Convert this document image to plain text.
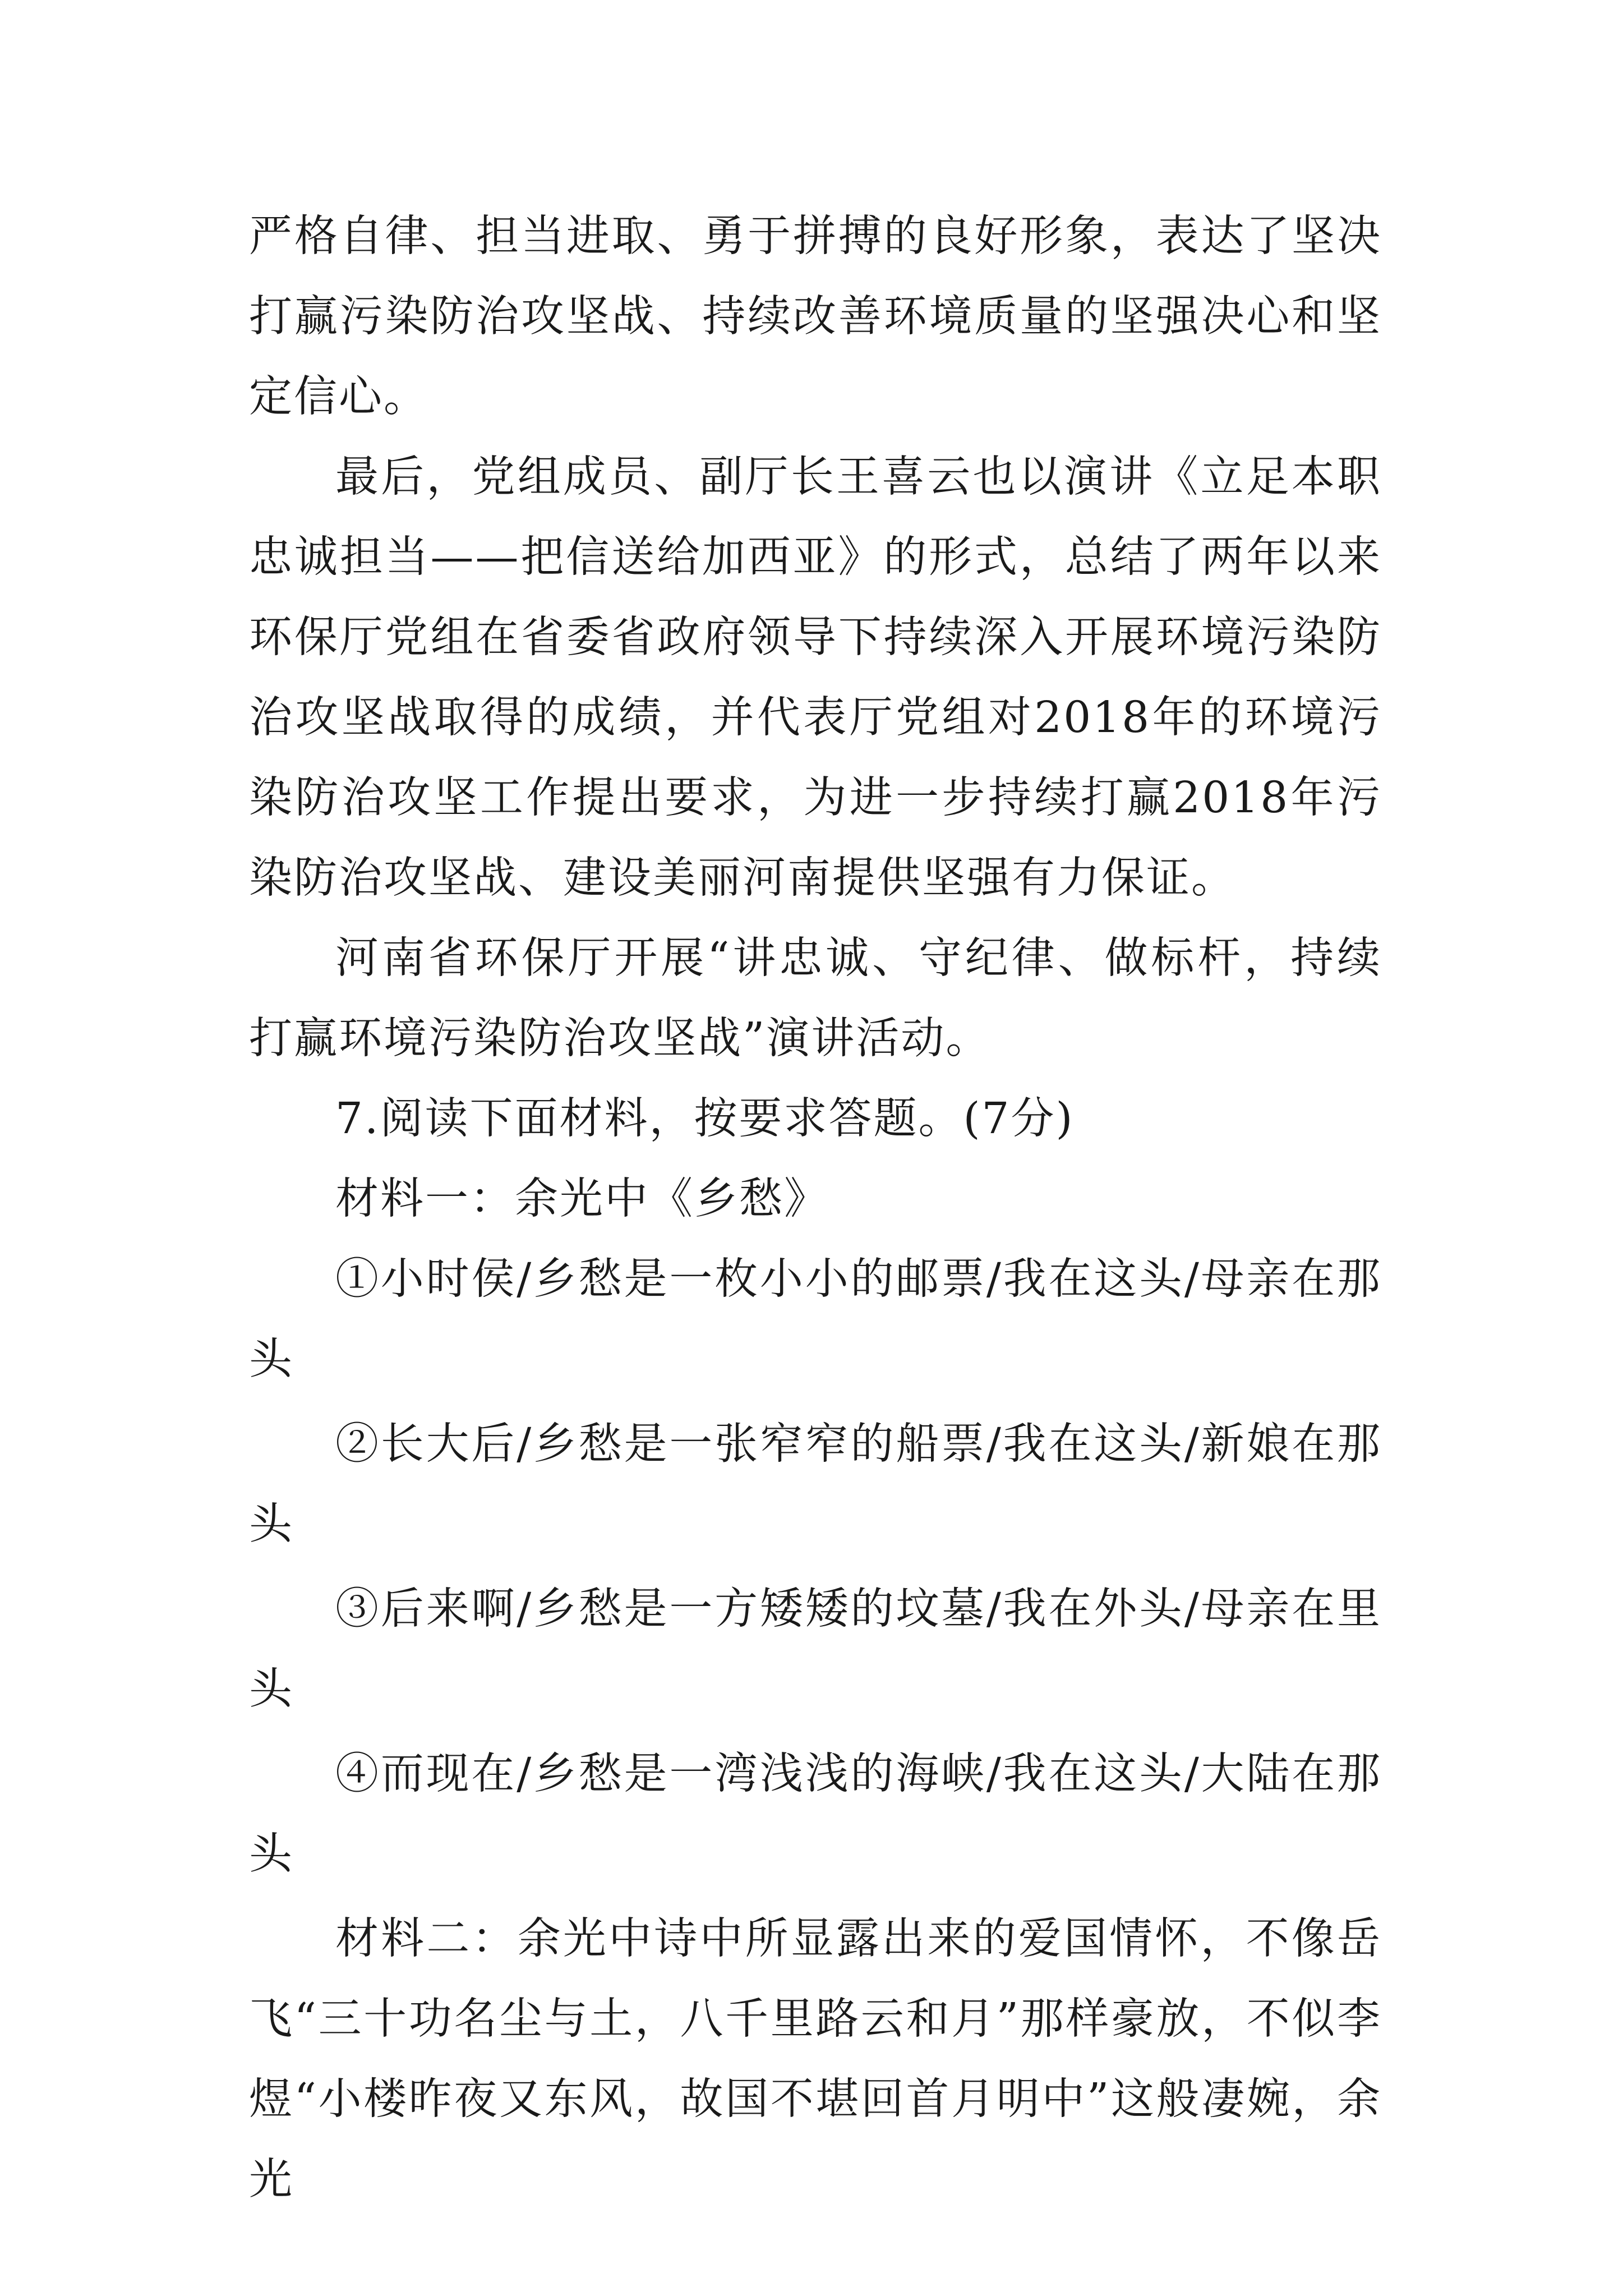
严格自律、担当进取、勇于拼搏的良好形象，表达了坚决打赢污染防治攻坚战、持续改善环境质量的坚强决心和坚定信心。

最后，党组成员、副厅长王喜云也以演讲《立足本职忠诚担当——把信送给加西亚》的形式，总结了两年以来环保厅党组在省委省政府领导下持续深入开展环境污染防治攻坚战取得的成绩，并代表厅党组对2018年的环境污染防治攻坚工作提出要求，为进一步持续打赢2018年污染防治攻坚战、建设美丽河南提供坚强有力保证。

河南省环保厅开展“讲忠诚、守纪律、做标杆，持续打赢环境污染防治攻坚战”演讲活动。

7.阅读下面材料，按要求答题。(7分)

材料一：余光中《乡愁》

①小时侯/乡愁是一枚小小的邮票/我在这头/母亲在那头

②长大后/乡愁是一张窄窄的船票/我在这头/新娘在那头

③后来啊/乡愁是一方矮矮的坟墓/我在外头/母亲在里头

④而现在/乡愁是一湾浅浅的海峡/我在这头/大陆在那头

材料二：余光中诗中所显露出来的爱国情怀，不像岳飞“三十功名尘与土，八千里路云和月”那样豪放，不似李煜“小楼昨夜又东风，故国不堪回首月明中”这般凄婉，余光
